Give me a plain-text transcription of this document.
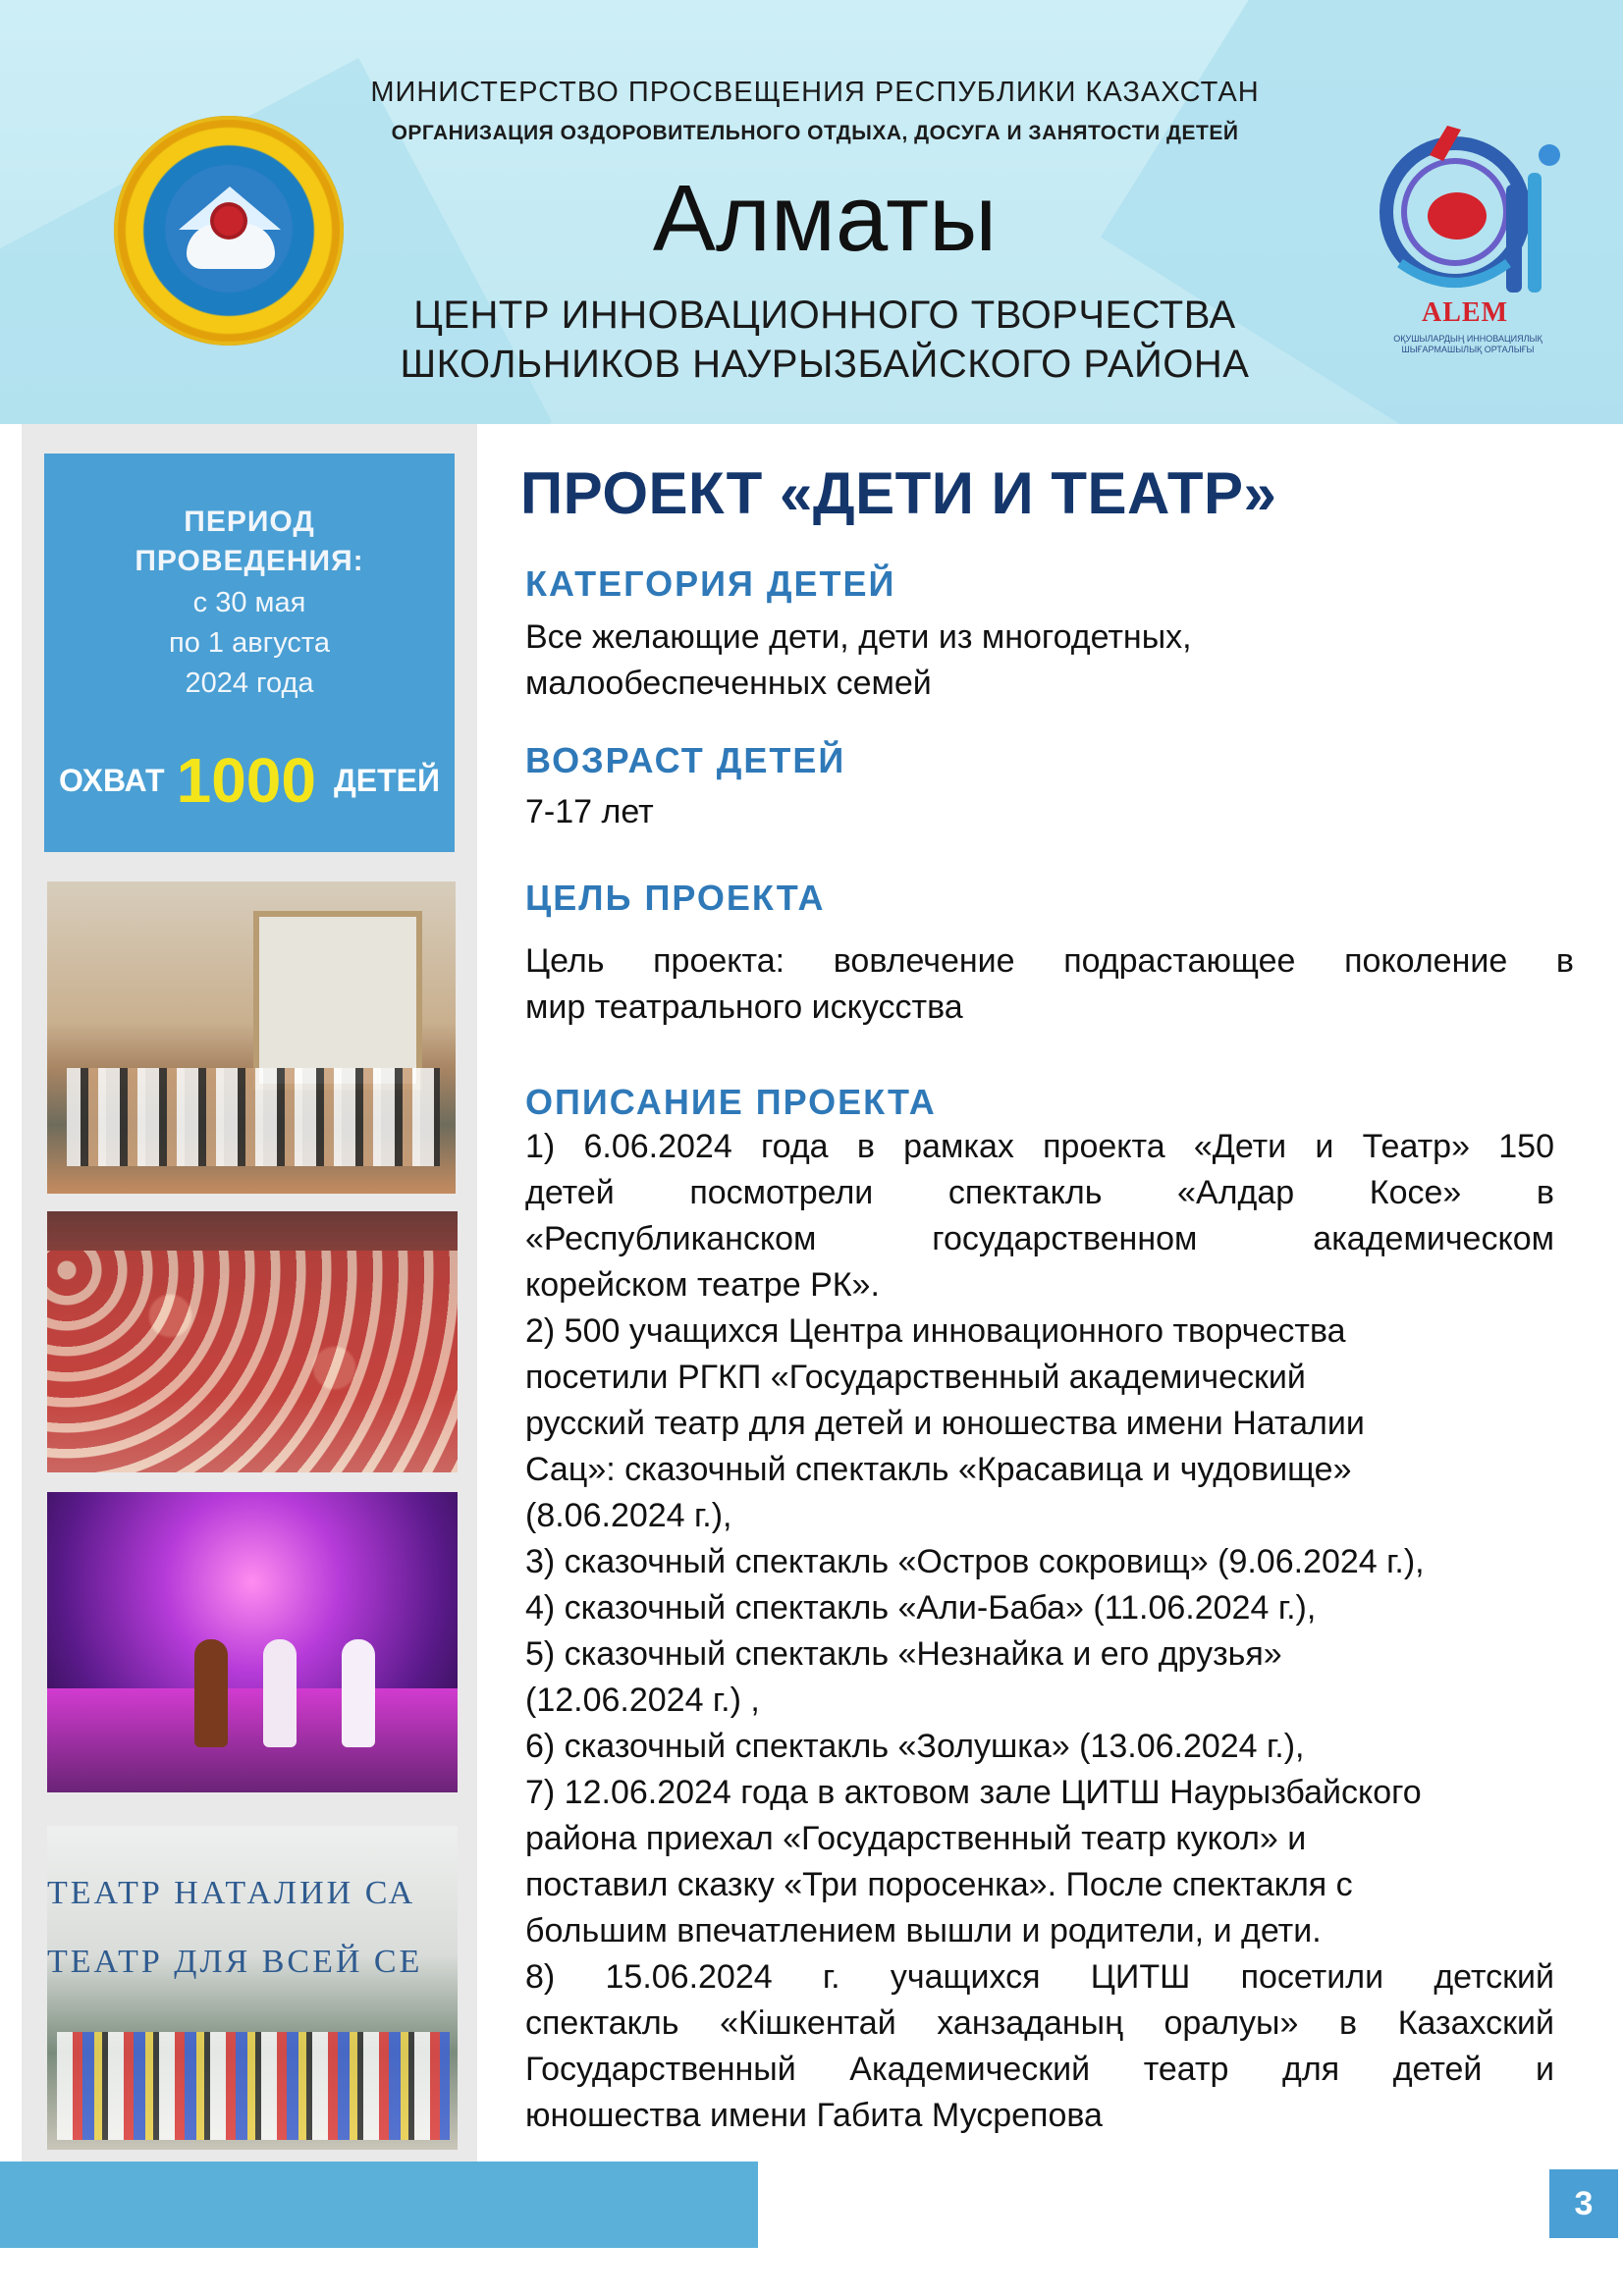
МИНИСТЕРСТВО ПРОСВЕЩЕНИЯ РЕСПУБЛИКИ КАЗАХСТАН
ОРГАНИЗАЦИЯ ОЗДОРОВИТЕЛЬНОГО ОТДЫХА, ДОСУГА И ЗАНЯТОСТИ ДЕТЕЙ
Алматы
ЦЕНТР ИННОВАЦИОННОГО ТВОРЧЕСТВА
ШКОЛЬНИКОВ НАУРЫЗБАЙСКОГО РАЙОНА
ALEM
ОҚУШЫЛАРДЫҢ ИННОВАЦИЯЛЫҚ ШЫҒАРМАШЫЛЫҚ ОРТАЛЫҒЫ
ПЕРИОД
ПРОВЕДЕНИЯ:
с 30 мая
по 1 августа
2024 года
ОХВАТ 1000 ДЕТЕЙ
ТЕАТР НАТАЛИИ СА
ТЕАТР ДЛЯ ВСЕЙ СЕ
ПРОЕКТ «ДЕТИ И ТЕАТР»
КАТЕГОРИЯ ДЕТЕЙ
Все желающие дети, дети из многодетных,
малообеспеченных семей
ВОЗРАСТ ДЕТЕЙ
7-17 лет
ЦЕЛЬ ПРОЕКТА
Цель проекта: вовлечение подрастающее поколение в
мир театрального искусства
ОПИСАНИЕ ПРОЕКТА
1) 6.06.2024 года в рамках проекта «Дети и Театр» 150
детей посмотрели спектакль «Алдар Косе» в
«Республиканском государственном академическом
корейском театре РК».
2) 500 учащихся Центра инновационного творчества
посетили РГКП «Государственный академический
русский театр для детей и юношества имени Наталии
Сац»: сказочный спектакль «Красавица и чудовище»
(8.06.2024 г.),
3) сказочный спектакль «Остров сокровищ» (9.06.2024 г.),
4) сказочный спектакль «Али-Баба» (11.06.2024 г.),
5) сказочный спектакль «Незнайка и его друзья»
(12.06.2024 г.) ,
6) сказочный спектакль «Золушка» (13.06.2024 г.),
7) 12.06.2024 года в актовом зале ЦИТШ Наурызбайского
района приехал «Государственный театр кукол» и
поставил сказку «Три поросенка». После спектакля с
большим впечатлением вышли и родители, и дети.
8) 15.06.2024 г. учащихся ЦИТШ посетили детский
спектакль «Кішкентай ханзаданың оралуы» в Казахский
Государственный Академический театр для детей и
юношества имени Габита Мусрепова
3
